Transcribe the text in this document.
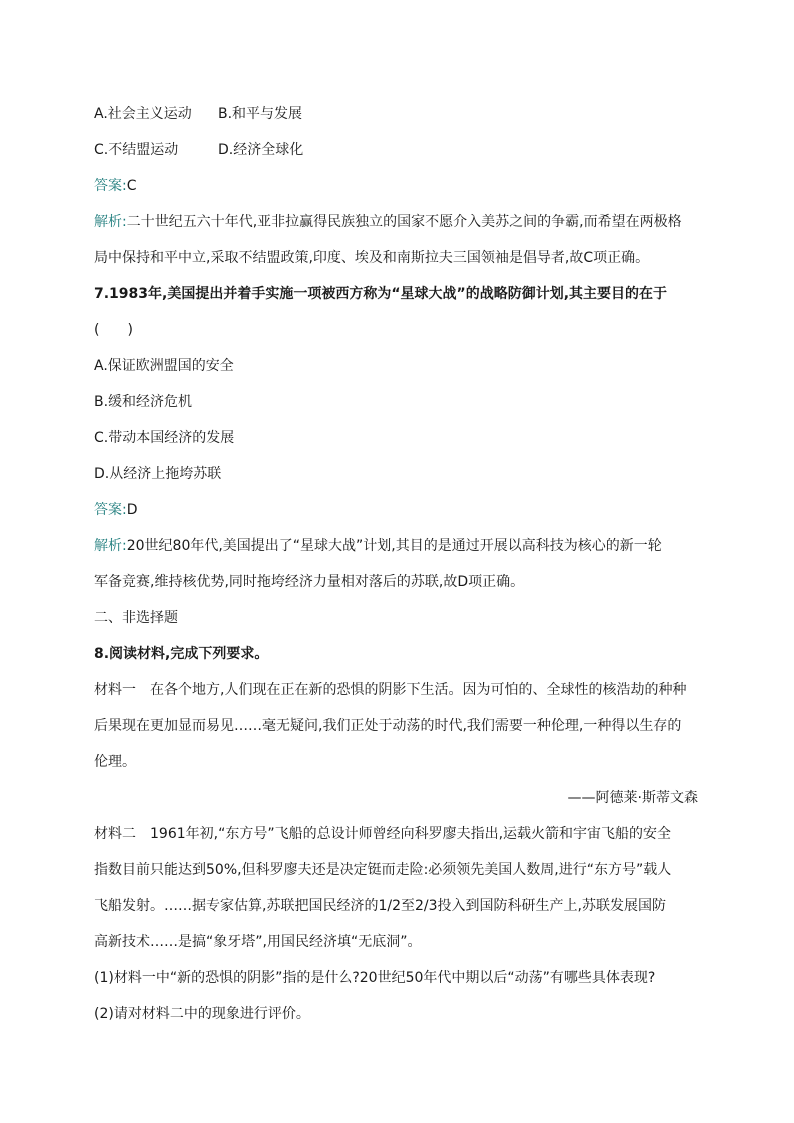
A.社会主义运动 B.和平与发展
C.不结盟运动	D.经济全球化
答案:C
解析:二十世纪五六十年代,亚非拉赢得民族独立的国家不愿介入美苏之间的争霸,而希望在两极格
局中保持和平中立,采取不结盟政策,印度、埃及和南斯拉夫三国领袖是倡导者,故C项正确。
7.1983年,美国提出并着手实施一项被西方称为“星球大战”的战略防御计划,其主要目的在于
(　　)
A.保证欧洲盟国的安全
B.缓和经济危机
C.带动本国经济的发展
D.从经济上拖垮苏联
答案:D
解析:20世纪80年代,美国提出了“星球大战”计划,其目的是通过开展以高科技为核心的新一轮
军备竞赛,维持核优势,同时拖垮经济力量相对落后的苏联,故D项正确。
二、非选择题
8.阅读材料,完成下列要求。
材料一　在各个地方,人们现在正在新的恐惧的阴影下生活。因为可怕的、全球性的核浩劫的种种
后果现在更加显而易见……毫无疑问,我们正处于动荡的时代,我们需要一种伦理,一种得以生存的
伦理。
——阿德莱·斯蒂文森
材料二　1961年初,“东方号”飞船的总设计师曾经向科罗廖夫指出,运载火箭和宇宙飞船的安全
指数目前只能达到50%,但科罗廖夫还是决定铤而走险:必须领先美国人数周,进行“东方号”载人
飞船发射。……据专家估算,苏联把国民经济的1/2至2/3投入到国防科研生产上,苏联发展国防
高新技术……是搞“象牙塔”,用国民经济填“无底洞”。
(1)材料一中“新的恐惧的阴影”指的是什么?20世纪50年代中期以后“动荡”有哪些具体表现?
(2)请对材料二中的现象进行评价。
